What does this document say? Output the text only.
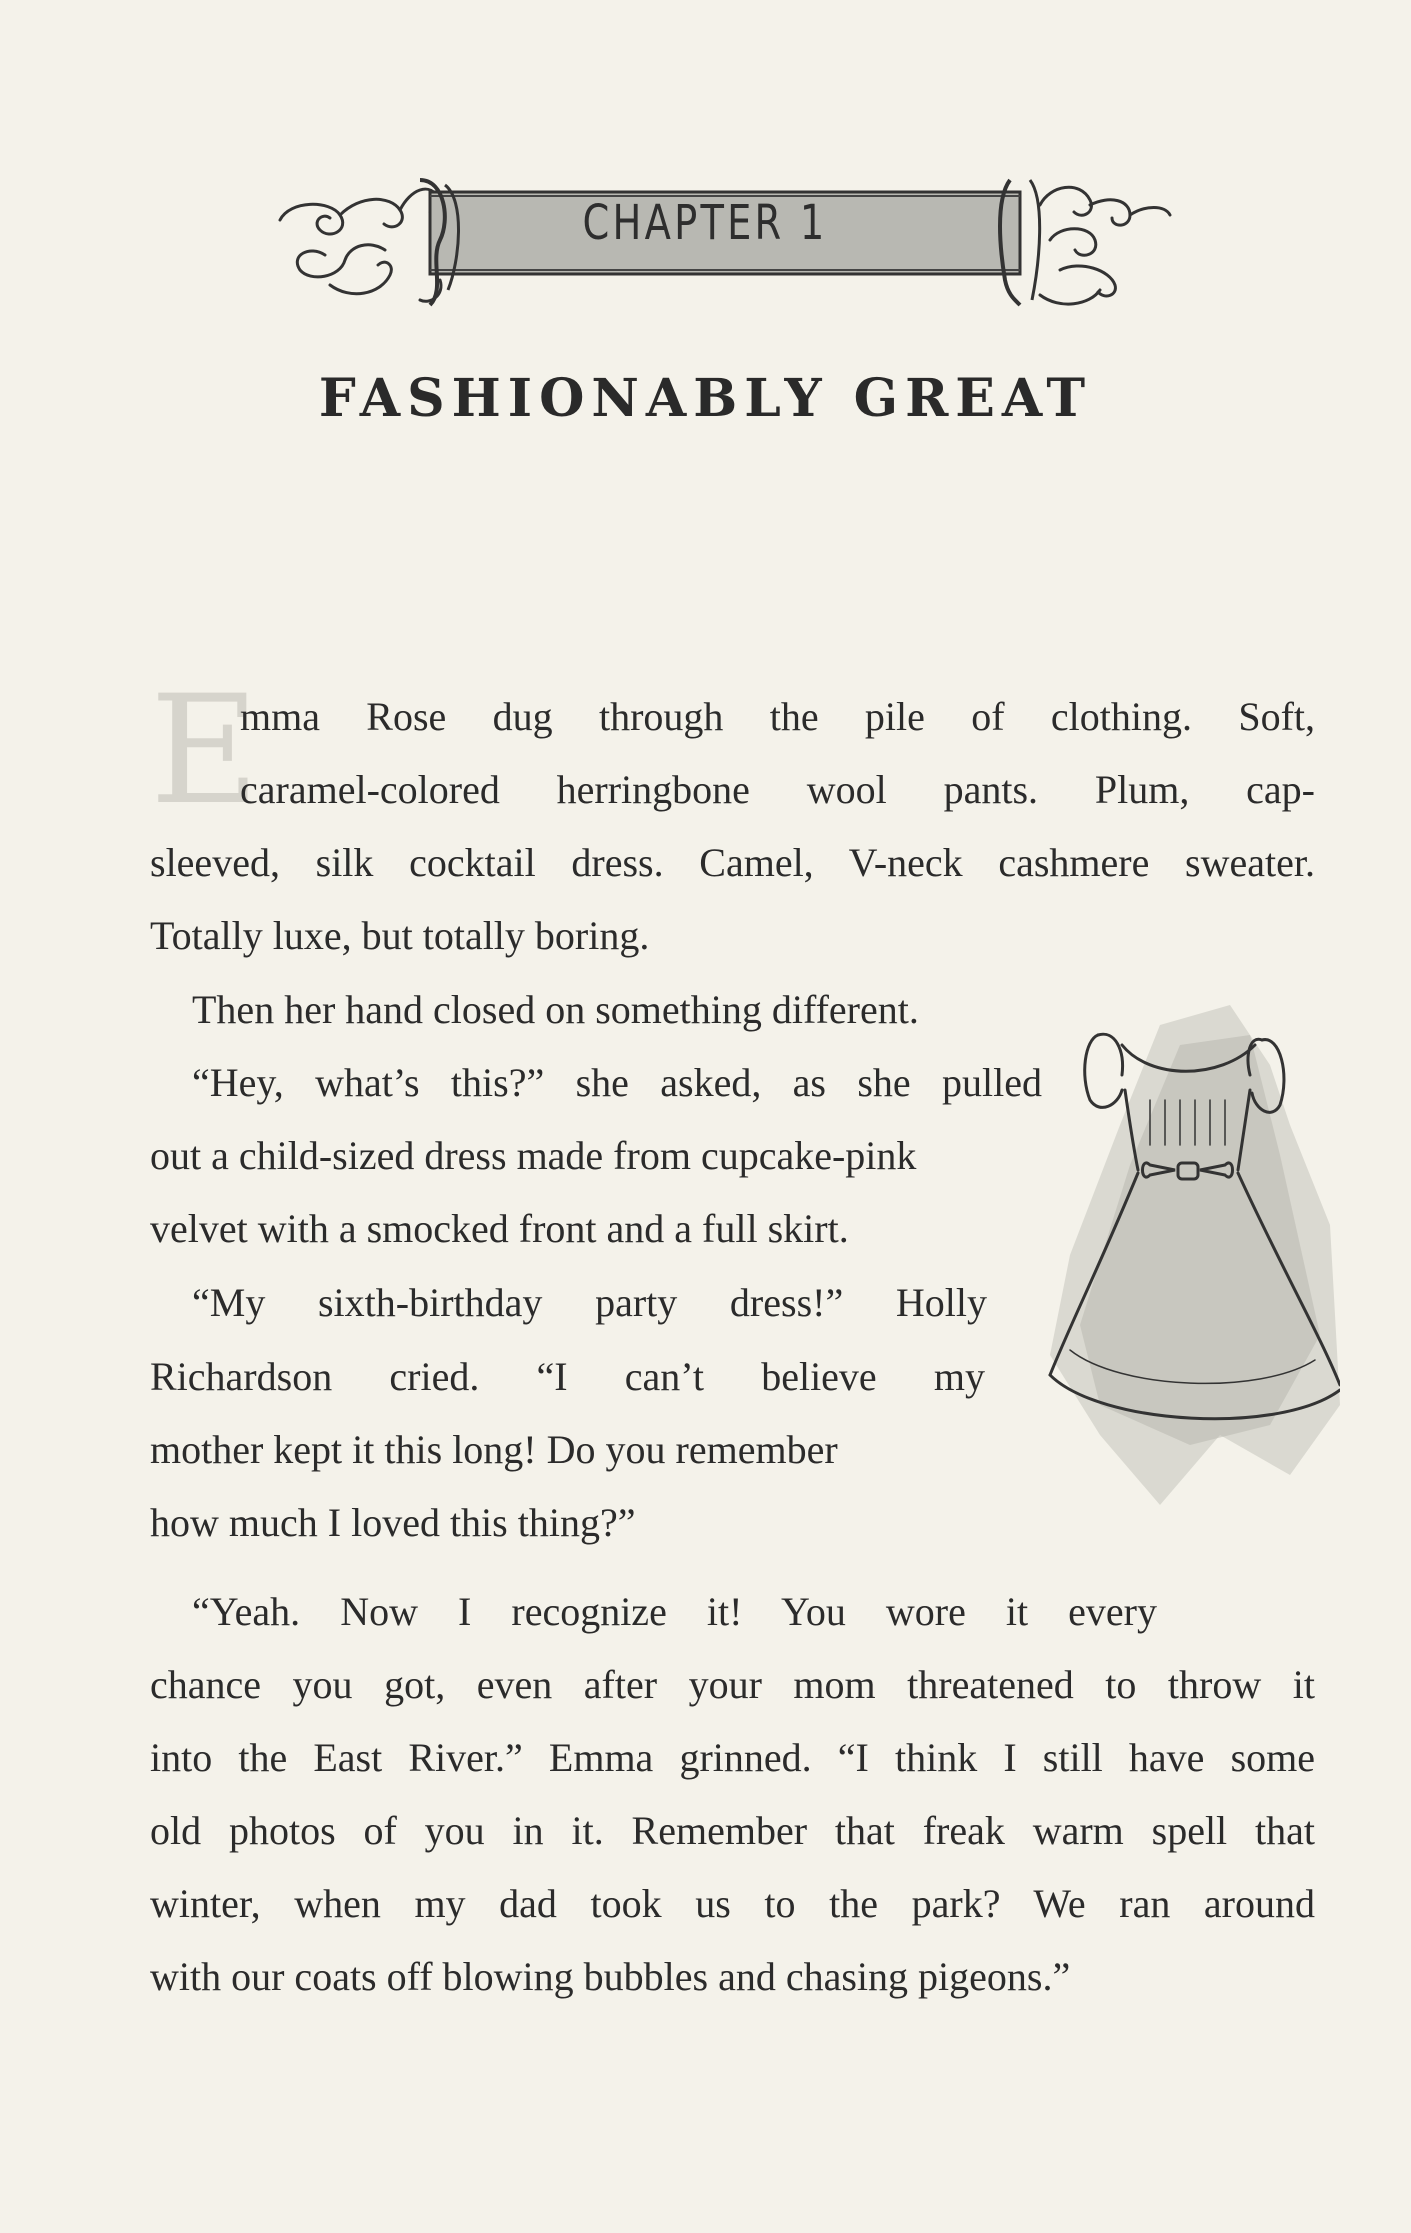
CHAPTER 1
FASHIONABLY GREAT
E
mma Rose dug through the pile of clothing. Soft,
caramel-colored herringbone wool pants. Plum, cap-
sleeved, silk cocktail dress. Camel, V-neck cashmere sweater.
Totally luxe, but totally boring.
Then her hand closed on something different.
“Hey, what’s this?” she asked, as she pulled
out a child-sized dress made from cupcake-pink
velvet with a smocked front and a full skirt.
“My sixth-birthday party dress!” Holly
Richardson cried. “I can’t believe my
mother kept it this long! Do you remember
how much I loved this thing?”
“Yeah. Now I recognize it! You wore it every
chance you got, even after your mom threatened to throw it
into the East River.” Emma grinned. “I think I still have some
old photos of you in it. Remember that freak warm spell that
winter, when my dad took us to the park? We ran around
with our coats off blowing bubbles and chasing pigeons.”
